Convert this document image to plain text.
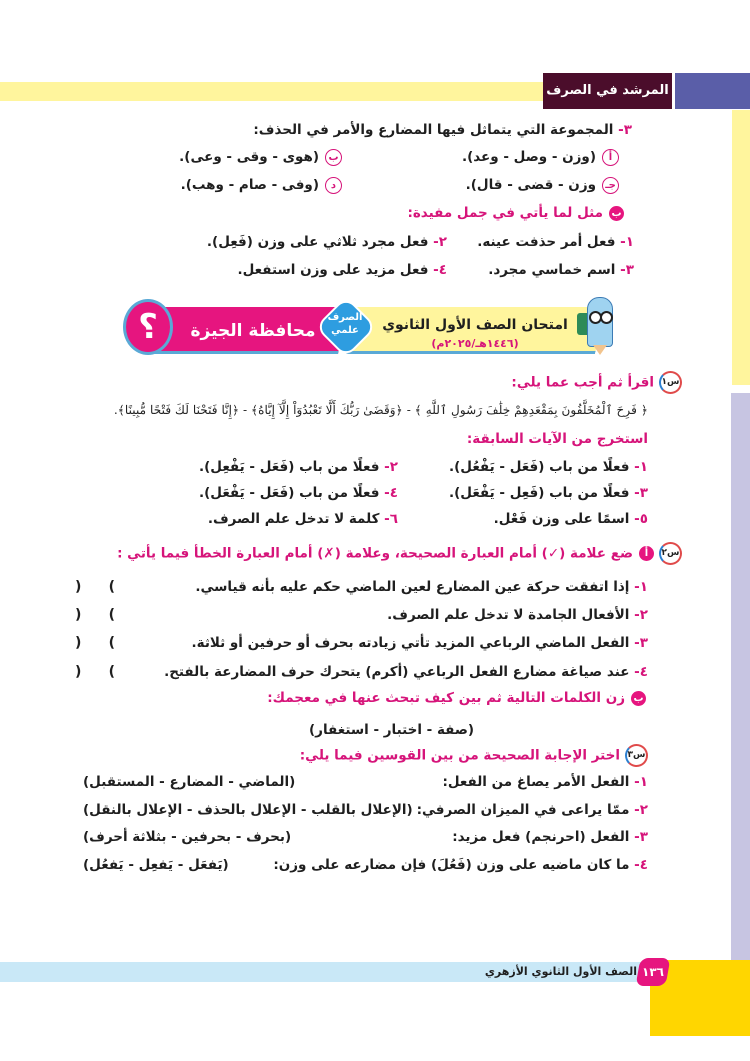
المرشد في الصرف
٣- المجموعة التي يتماثل فيها المضارع والأمر في الحذف:
أ(وزن - وصل - وعد).
ب(هوى - وقى - وعى).
جـوزن - قضى - قال).
د(وفى - صام - وهب).
بمثل لما يأتي في جمل مفيدة:
١- فعل أمر حذفت عينه.
٢- فعل مجرد ثلاثي على وزن (فَعِل).
٣- اسم خماسي مجرد.
٤- فعل مزيد على وزن استفعل.
؟	محافظة الجيزة
الصرف
علمي	امتحان الصف الأول الثانوي
(١٤٤٦هـ/٢٠٢٥م)
س١اقرأ ثم أجب عما يلي:
﴿ فَرِحَ ٱلْمُخَلَّفُونَ بِمَقْعَدِهِمْ خِلَٰفَ رَسُولِ ٱللَّهِ ﴾ - ﴿وَقَضَىٰ رَبُّكَ أَلَّا تَعْبُدُوٓاْ إِلَّآ إِيَّاهُ﴾ - ﴿إِنَّا فَتَحْنَا لَكَ فَتْحًا مُّبِينًا﴾.
استخرج من الآيات السابقة:
١- فعلًا من باب (فَعَل - يَفْعُل).
٢- فعلًا من باب (فَعَل - يَفْعِل).
٣- فعلًا من باب (فَعِل - يَفْعَل).
٤- فعلًا من باب (فَعَل - يَفْعَل).
٥- اسمًا على وزن فَعْل.
٦- كلمة لا تدخل علم الصرف.
س٢أضع علامة (✓) أمام العبارة الصحيحة، وعلامة (✗) أمام العبارة الخطأ فيما يأتي :
١- إذا اتفقت حركة عين المضارع لعين الماضي حكم عليه بأنه قياسي.
) (
٢- الأفعال الجامدة لا تدخل علم الصرف.
) (
٣- الفعل الماضي الرباعي المزيد تأتي زيادته بحرف أو حرفين أو ثلاثة.
) (
٤- عند صياغة مضارع الفعل الرباعي (أكرم) يتحرك حرف المضارعة بالفتح.
) (
بزن الكلمات التالية ثم بين كيف تبحث عنها في معجمك:
(صفة - اختبار - استغفار)
س٣اختر الإجابة الصحيحة من بين القوسين فيما يلي:
١- الفعل الأمر يصاغ من الفعل:
(الماضي - المضارع - المستقبل)
٢- ممّا يراعى في الميزان الصرفي:
(الإعلال بالقلب - الإعلال بالحذف - الإعلال بالنقل)
٣- الفعل (احرنجم) فعل مزيد:
(بحرف - بحرفين - بثلاثة أحرف)
٤- ما كان ماضيه على وزن (فَعُلَ) فإن مضارعه على وزن:
(يَفعَل - يَفعِل - يَفعُل)
الصف الأول الثانوي الأزهري ١٣٦
